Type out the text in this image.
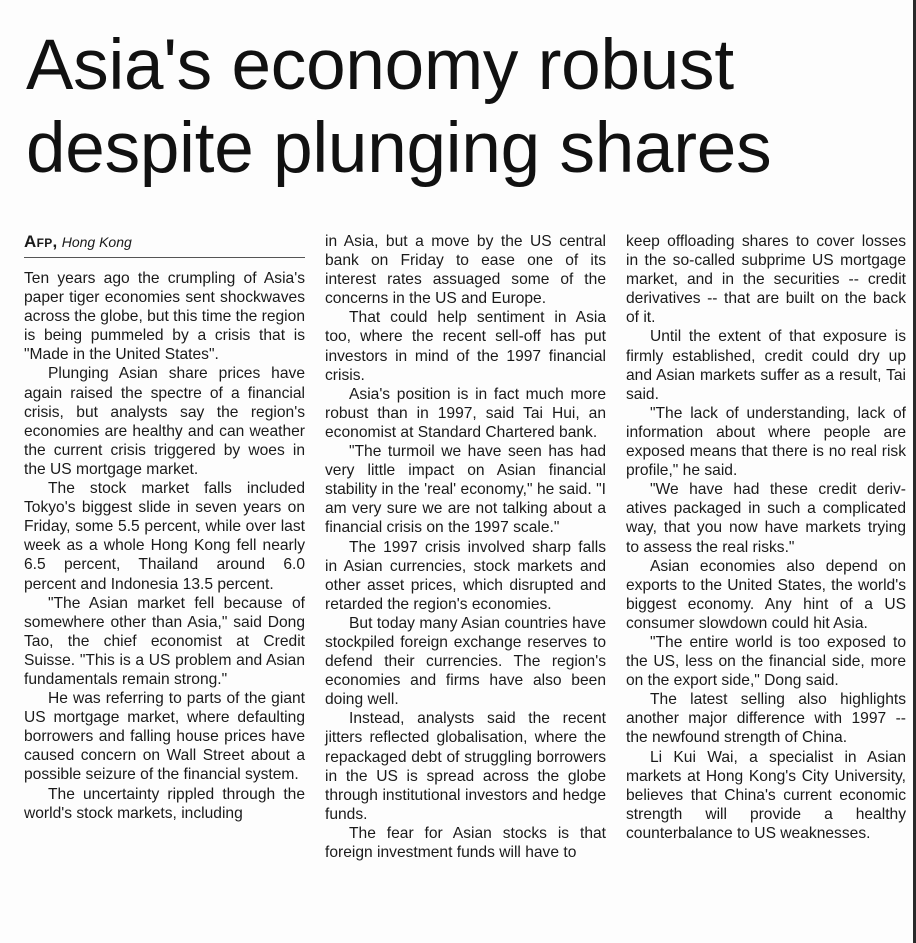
Asia's economy robust
despite plunging shares
Afp, Hong Kong

Ten years ago the crumpling of Asia's paper tiger economies sent shockwaves across the globe, but this time the region is being pummeled by a crisis that is "Made in the United States".

Plunging Asian share prices have again raised the spectre of a financial crisis, but analysts say the region's economies are healthy and can weather the current crisis triggered by woes in the US mortgage market.

The stock market falls included Tokyo's biggest slide in seven years on Friday, some 5.5 percent, while over last week as a whole Hong Kong fell nearly 6.5 percent, Thailand around 6.0 percent and Indonesia 13.5 percent.

"The Asian market fell because of somewhere other than Asia," said Dong Tao, the chief economist at Credit Suisse. "This is a US problem and Asian fundamentals remain strong."

He was referring to parts of the giant US mortgage market, where defaulting borrowers and falling house prices have caused concern on Wall Street about a possible seizure of the financial system.

The uncertainty rippled through the world's stock markets, including

in Asia, but a move by the US central bank on Friday to ease one of its interest rates assuaged some of the concerns in the US and Europe.

That could help sentiment in Asia too, where the recent sell-off has put investors in mind of the 1997 financial crisis.

Asia's position is in fact much more robust than in 1997, said Tai Hui, an economist at Standard Chartered bank.

"The turmoil we have seen has had very little impact on Asian financial stability in the 'real' economy," he said. "I am very sure we are not talking about a financial crisis on the 1997 scale."

The 1997 crisis involved sharp falls in Asian currencies, stock markets and other asset prices, which disrupted and retarded the region's economies.

But today many Asian countries have stockpiled foreign exchange reserves to defend their currencies. The region's economies and firms have also been doing well.

Instead, analysts said the recent jitters reflected globalisation, where the repackaged debt of struggling borrowers in the US is spread across the globe through institutional investors and hedge funds.

The fear for Asian stocks is that foreign investment funds will have to

keep offloading shares to cover losses in the so-called subprime US mortgage market, and in the securities -- credit derivatives -- that are built on the back of it.

Until the extent of that exposure is firmly established, credit could dry up and Asian markets suffer as a result, Tai said.

"The lack of understanding, lack of information about where people are exposed means that there is no real risk profile," he said.

"We have had these credit derivatives packaged in such a complicated way, that you now have markets trying to assess the real risks."

Asian economies also depend on exports to the United States, the world's biggest economy. Any hint of a US consumer slowdown could hit Asia.

"The entire world is too exposed to the US, less on the financial side, more on the export side," Dong said.

The latest selling also highlights another major difference with 1997 -- the newfound strength of China.

Li Kui Wai, a specialist in Asian markets at Hong Kong's City University, believes that China's current economic strength will provide a healthy counterbalance to US weaknesses.
